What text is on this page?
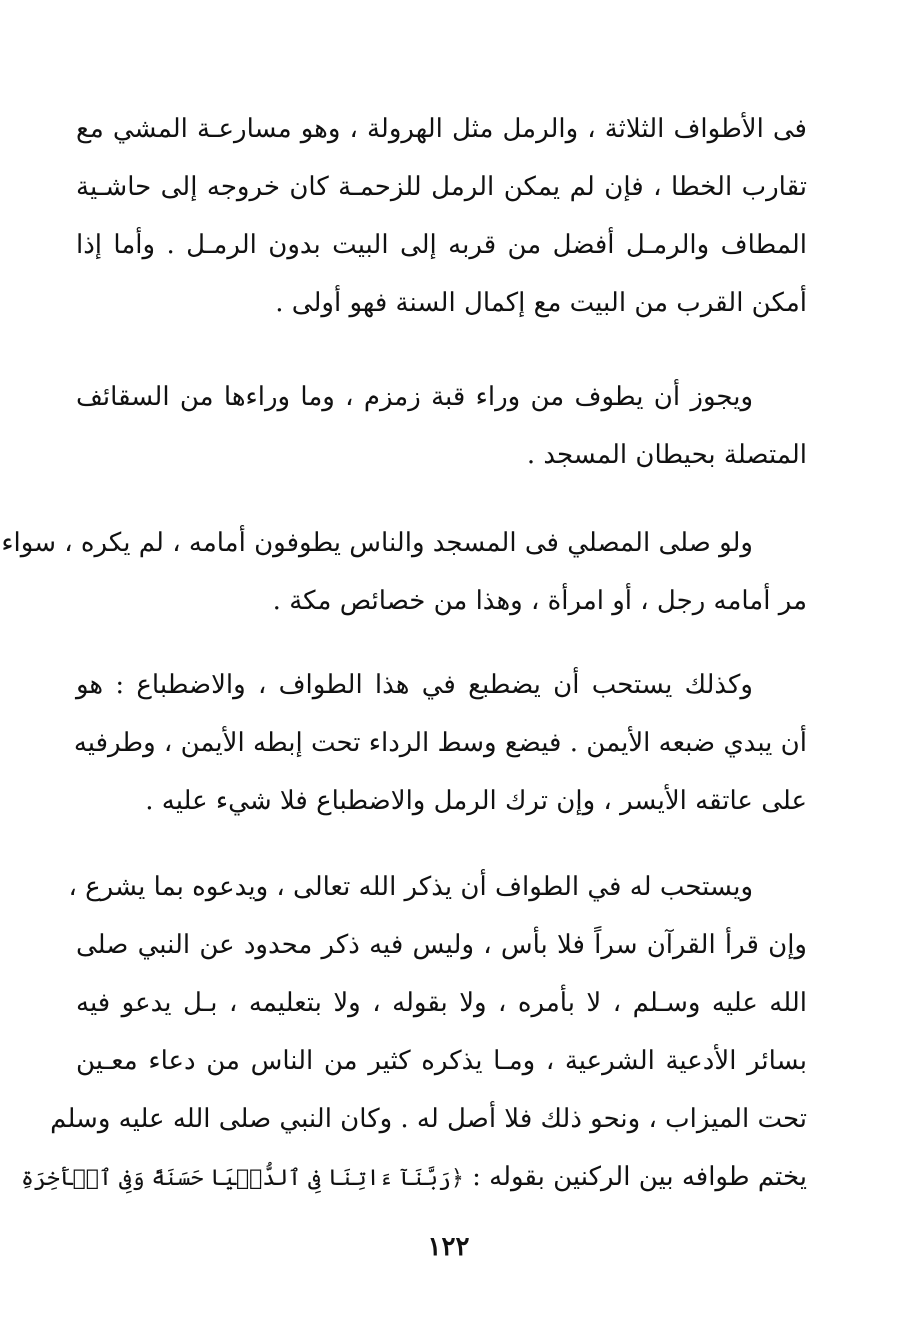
فى الأطواف الثلاثة ، والرمل مثل الهرولة ، وهو مسارعـة المشي مع
تقارب الخطا ، فإن لم يمكن الرمل للزحمـة كان خروجه إلى حاشـية
المطاف والرمـل أفضل من قربه إلى البيت بدون الرمـل . وأما إذا
أمكن القرب من البيت مع إكمال السنة فهو أولى .
ويجوز أن يطوف من وراء قبة زمزم ، وما وراءها من السقائف
المتصلة بحيطان المسجد .
ولو صلى المصلي فى المسجد والناس يطوفون أمامه ، لم يكره ، سواء
مر أمامه رجل ، أو امرأة ، وهذا من خصائص مكة .
وكذلك يستحب أن يضطبع في هذا الطواف ، والاضطباع : هو
أن يبدي ضبعه الأيمن . فيضع وسط الرداء تحت إبطه الأيمن ، وطرفيه
على عاتقه الأيسر ، وإن ترك الرمل والاضطباع فلا شيء عليه .
ويستحب له في الطواف أن يذكر الله تعالى ، ويدعوه بما يشرع ،
وإن قرأ القرآن سراً فلا بأس ، وليس فيه ذكر محدود عن النبي صلى
الله عليه وسـلم ، لا بأمره ، ولا بقوله ، ولا بتعليمه ، بـل يدعو فيه
بسائر الأدعية الشرعية ، ومـا يذكره كثير من الناس من دعاء معـين
تحت الميزاب ، ونحو ذلك فلا أصل له . وكان النبي صلى الله عليه وسلم
يختم طوافه بين الركنين بقوله : ﴿رَبَّنَآ ءَاتِنَا فِى ٱلدُّنۡيَا حَسَنَةً وَفِى ٱلۡأَخِرَةِ
١٢٢
